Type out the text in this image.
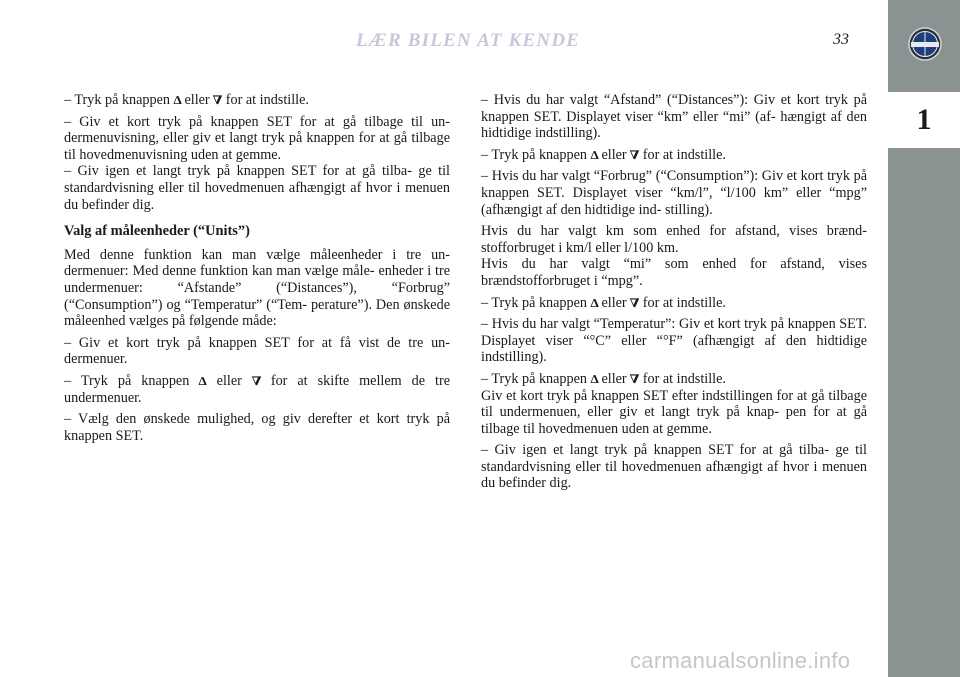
LÆR BILEN AT KENDE	33
1

– Tryk på knappen ∆ eller ∇ for at indstille.

– Giv et kort tryk på knappen SET for at gå tilbage til un- dermenuvisning, eller giv et langt tryk på knappen for at gå tilbage til hovedmenuvisning uden at gemme.

– Giv igen et langt tryk på knappen SET for at gå tilba- ge til standardvisning eller til hovedmenuen afhængigt af hvor i menuen du befinder dig.

Valg af måleenheder (“Units”)

Med denne funktion kan man vælge måleenheder i tre un- dermenuer: Med denne funktion kan man vælge måle- enheder i tre undermenuer: “Afstande” (“Distances”), “Forbrug” (“Consumption”) og “Temperatur” (“Tem- perature”). Den ønskede måleenhed vælges på følgende måde:

– Giv et kort tryk på knappen SET for at få vist de tre un- dermenuer.

– Tryk på knappen ∆ eller ∇ for at skifte mellem de tre undermenuer.

– Vælg den ønskede mulighed, og giv derefter et kort tryk på knappen SET.

– Hvis du har valgt “Afstand” (“Distances”): Giv et kort tryk på knappen SET. Displayet viser “km” eller “mi” (af- hængigt af den hidtidige indstilling).

– Tryk på knappen ∆ eller ∇ for at indstille.

– Hvis du har valgt “Forbrug” (“Consumption”): Giv et kort tryk på knappen SET. Displayet viser “km/l”, “l/100 km” eller “mpg” (afhængigt af den hidtidige ind- stilling).

Hvis du har valgt km som enhed for afstand, vises brænd- stofforbruget i km/l eller l/100 km.

Hvis du har valgt “mi” som enhed for afstand, vises brændstofforbruget i “mpg”.

– Tryk på knappen ∆ eller ∇ for at indstille.

– Hvis du har valgt “Temperatur”: Giv et kort tryk på knappen SET. Displayet viser “°C” eller “°F” (afhængigt af den hidtidige indstilling).

– Tryk på knappen ∆ eller ∇ for at indstille.

Giv et kort tryk på knappen SET efter indstillingen for at gå tilbage til undermenuen, eller giv et langt tryk på knap- pen for at gå tilbage til hovedmenuen uden at gemme.

– Giv igen et langt tryk på knappen SET for at gå tilba- ge til standardvisning eller til hovedmenuen afhængigt af hvor i menuen du befinder dig.

carmanualsonline.info
